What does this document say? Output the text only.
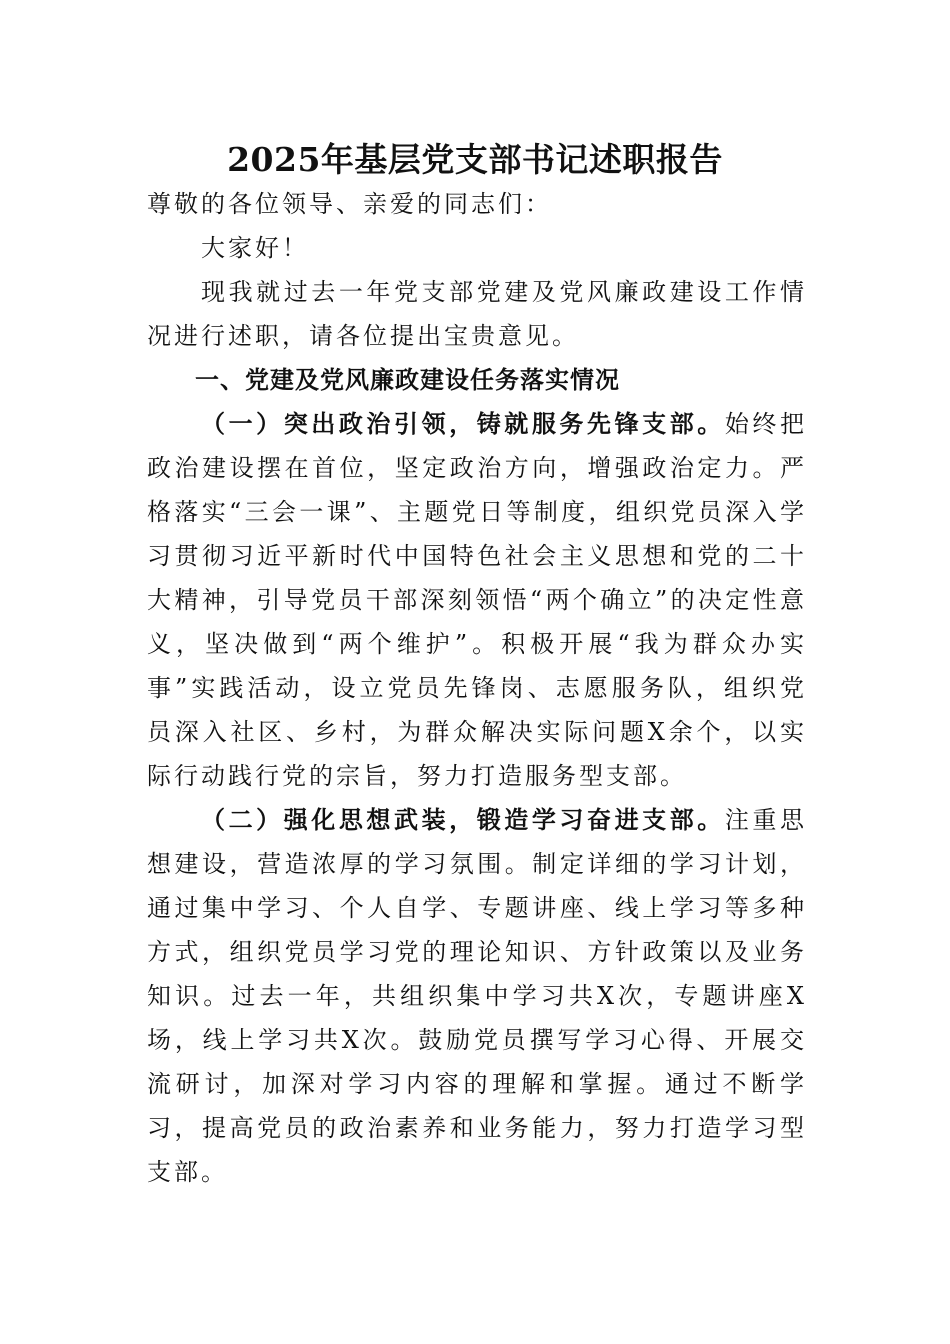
2025年基层党支部书记述职报告

尊敬的各位领导、亲爱的同志们：

大家好！

现我就过去一年党支部党建及党风廉政建设工作情况进行述职，请各位提出宝贵意见。

一、党建及党风廉政建设任务落实情况

（一）突出政治引领，铸就服务先锋支部。始终把政治建设摆在首位，坚定政治方向，增强政治定力。严格落实“三会一课”、主题党日等制度，组织党员深入学习贯彻习近平新时代中国特色社会主义思想和党的二十大精神，引导党员干部深刻领悟“两个确立”的决定性意义，坚决做到“两个维护”。积极开展“我为群众办实事”实践活动，设立党员先锋岗、志愿服务队，组织党员深入社区、乡村，为群众解决实际问题X余个，以实际行动践行党的宗旨，努力打造服务型支部。

（二）强化思想武装，锻造学习奋进支部。注重思想建设，营造浓厚的学习氛围。制定详细的学习计划，通过集中学习、个人自学、专题讲座、线上学习等多种方式，组织党员学习党的理论知识、方针政策以及业务知识。过去一年，共组织集中学习共X次，专题讲座X场，线上学习共X次。鼓励党员撰写学习心得、开展交流研讨，加深对学习内容的理解和掌握。通过不断学习，提高党员的政治素养和业务能力，努力打造学习型支部。
